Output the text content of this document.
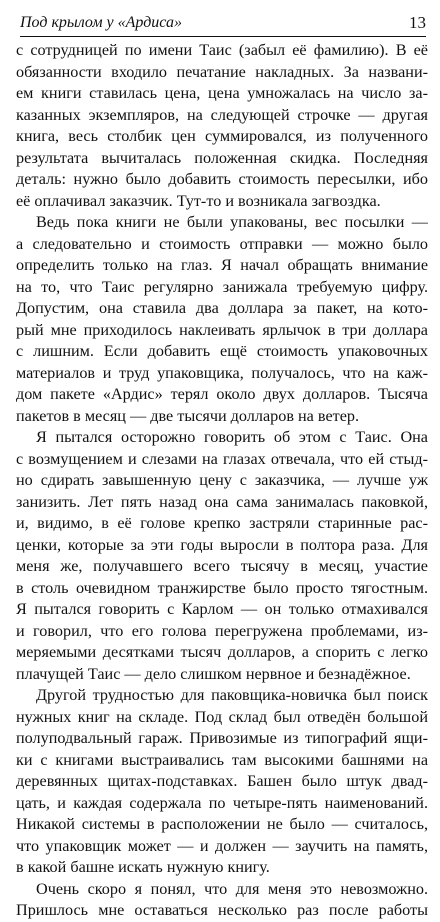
Под крылом у «Ардиса»	13
с сотрудницей по имени Таис (забыл её фамилию). В её
обязанности входило печатание накладных. За названи-
ем книги ставилась цена, цена умножалась на число за-
казанных экземпляров, на следующей строчке — другая
книга, весь столбик цен суммировался, из полученного
результата вычиталась положенная скидка. Последняя
деталь: нужно было добавить стоимость пересылки, ибо
её оплачивал заказчик. Тут-то и возникала загвоздка.
Ведь пока книги не были упакованы, вес посылки —
а следовательно и стоимость отправки — можно было
определить только на глаз. Я начал обращать внимание
на то, что Таис регулярно занижала требуемую цифру.
Допустим, она ставила два доллара за пакет, на кото-
рый мне приходилось наклеивать ярлычок в три доллара
с лишним. Если добавить ещё стоимость упаковочных
материалов и труд упаковщика, получалось, что на каж-
дом пакете «Ардис» терял около двух долларов. Тысяча
пакетов в месяц — две тысячи долларов на ветер.
Я пытался осторожно говорить об этом с Таис. Она
с возмущением и слезами на глазах отвечала, что ей стыд-
но сдирать завышенную цену с заказчика, — лучше уж
занизить. Лет пять назад она сама занималась паковкой,
и, видимо, в её голове крепко застряли старинные рас-
ценки, которые за эти годы выросли в полтора раза. Для
меня же, получавшего всего тысячу в месяц, участие
в столь очевидном транжирстве было просто тягостным.
Я пытался говорить с Карлом — он только отмахивался
и говорил, что его голова перегружена проблемами, из-
меряемыми десятками тысяч долларов, а спорить с легко
плачущей Таис — дело слишком нервное и безнадёжное.
Другой трудностью для паковщика-новичка был поиск
нужных книг на складе. Под склад был отведён большой
полуподвальный гараж. Привозимые из типографий ящи-
ки с книгами выстраивались там высокими башнями на
деревянных щитах-подставках. Башен было штук двад-
цать, и каждая содержала по четыре-пять наименований.
Никакой системы в расположении не было — считалось,
что упаковщик может — и должен — заучить на память,
в какой башне искать нужную книгу.
Очень скоро я понял, что для меня это невозможно.
Пришлось мне оставаться несколько раз после работы
